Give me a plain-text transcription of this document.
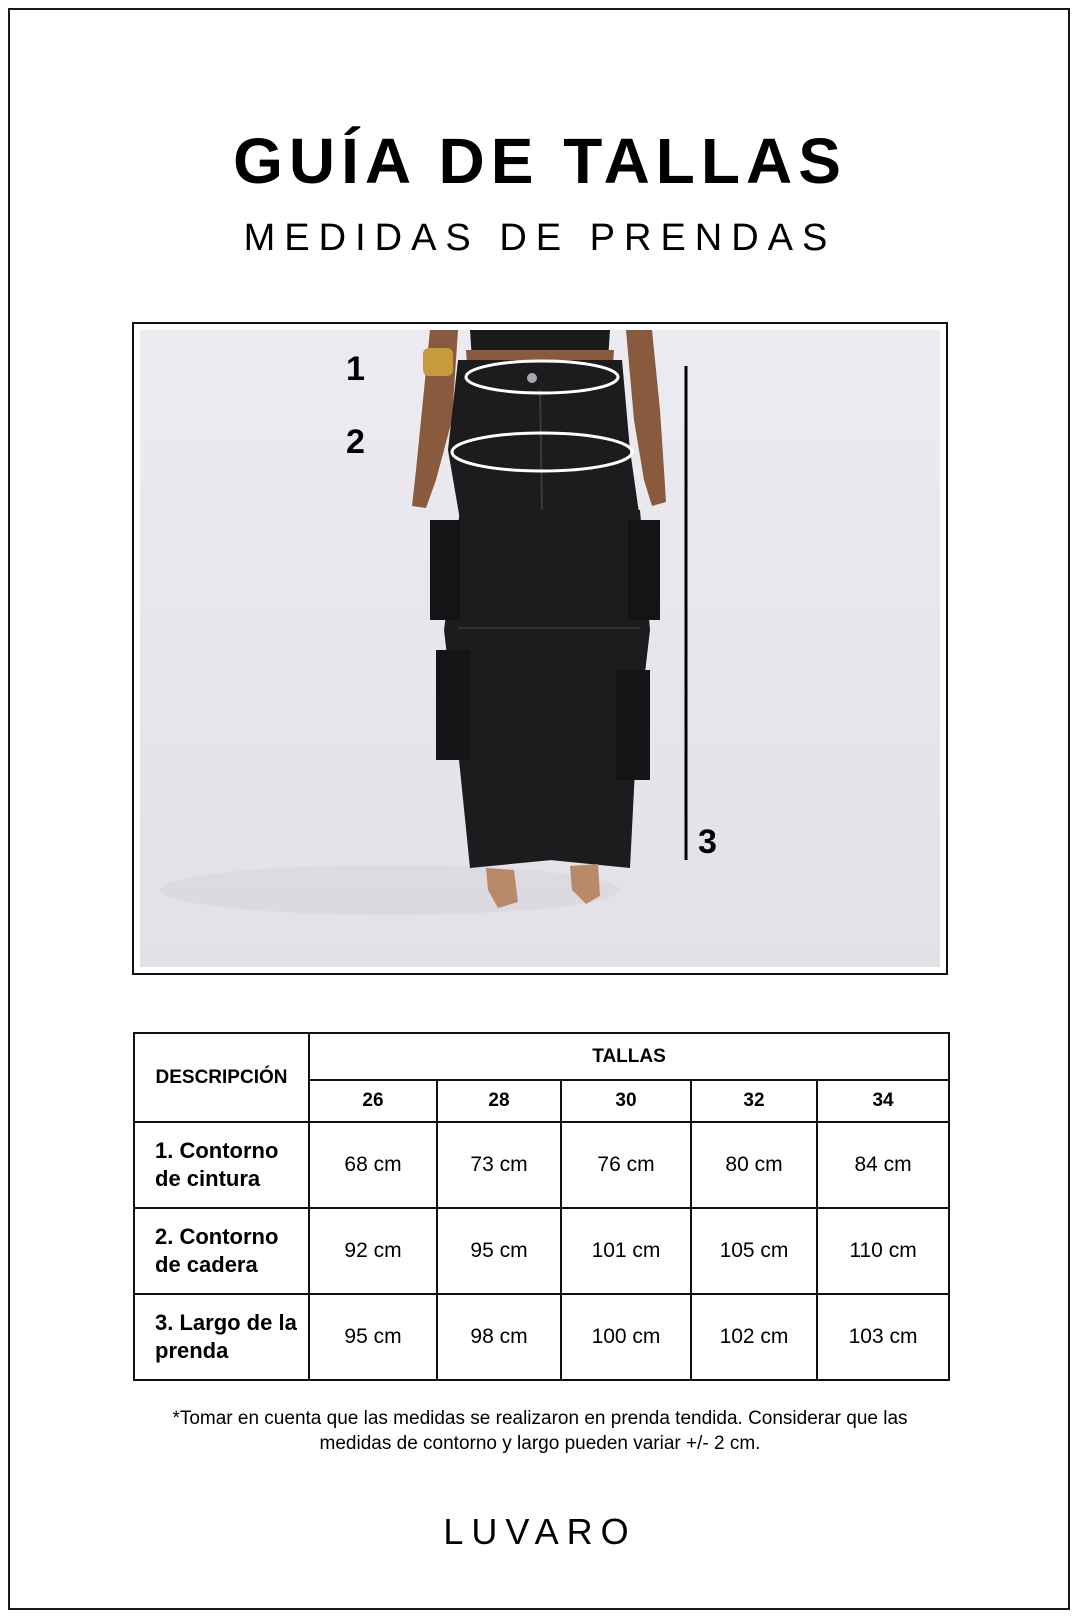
GUÍA DE TALLAS
MEDIDAS DE PRENDAS
1
2
3
DESCRIPCIÓN	TALLAS				
	26	28	30	32	34
1. Contorno de cintura	68 cm	73 cm	76 cm	80 cm	84 cm
2. Contorno de cadera	92 cm	95 cm	101 cm	105 cm	110 cm
3. Largo de la prenda	95 cm	98 cm	100 cm	102 cm	103 cm
*Tomar en cuenta que las medidas se realizaron en prenda tendida. Considerar que las medidas de contorno y largo pueden variar +/- 2 cm.
LUVARO
